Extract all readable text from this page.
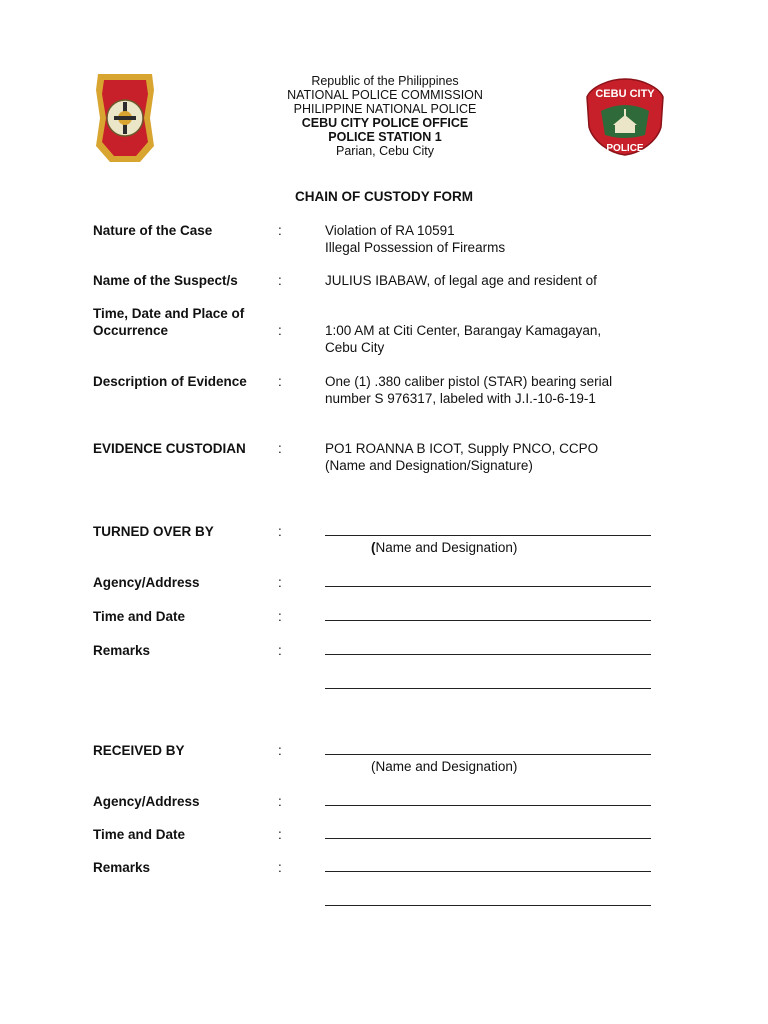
CEBU CITY
POLICE
Republic of the Philippines
NATIONAL POLICE COMMISSION
PHILIPPINE NATIONAL POLICE
CEBU CITY POLICE OFFICE
POLICE STATION 1
Parian, Cebu City
CHAIN OF CUSTODY FORM
Nature of the Case	:	Violation of RA 10591
Illegal Possession of Firearms
Name of the Suspect/s	:	JULIUS IBABAW, of legal age and resident of
Time, Date and Place of
Occurrence	:	1:00 AM at Citi Center, Barangay Kamagayan,
Cebu City
Description of Evidence	:	One (1) .380 caliber pistol (STAR) bearing serial
number S 976317, labeled with J.I.-10-6-19-1
EVIDENCE CUSTODIAN	:	PO1 ROANNA B ICOT, Supply PNCO, CCPO
(Name and Designation/Signature)
TURNED OVER BY	:
(Name and Designation)
Agency/Address	:
Time and Date	:
Remarks	:
RECEIVED BY	:
(Name and Designation)
Agency/Address	:
Time and Date	:
Remarks	:
